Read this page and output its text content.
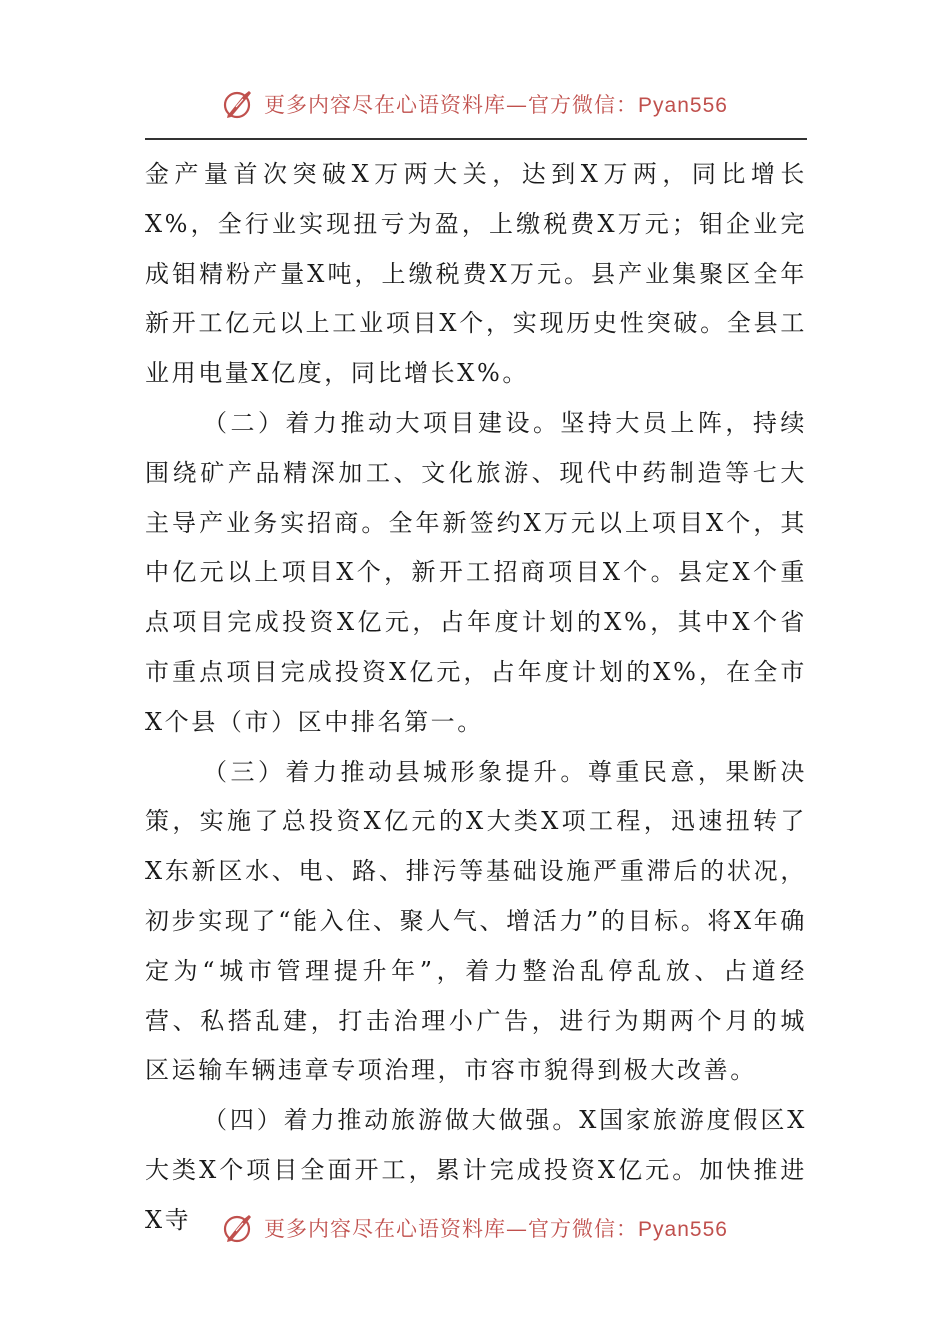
更多内容尽在心语资料库—官方微信：Pyan556

金产量首次突破X万两大关，达到X万两，同比增长X%，全行业实现扭亏为盈，上缴税费X万元；钼企业完成钼精粉产量X吨，上缴税费X万元。县产业集聚区全年新开工亿元以上工业项目X个，实现历史性突破。全县工业用电量X亿度，同比增长X%。

（二）着力推动大项目建设。坚持大员上阵，持续围绕矿产品精深加工、文化旅游、现代中药制造等七大主导产业务实招商。全年新签约X万元以上项目X个，其中亿元以上项目X个，新开工招商项目X个。县定X个重点项目完成投资X亿元，占年度计划的X%，其中X个省市重点项目完成投资X亿元，占年度计划的X%，在全市X个县（市）区中排名第一。

（三）着力推动县城形象提升。尊重民意，果断决策，实施了总投资X亿元的X大类X项工程，迅速扭转了X东新区水、电、路、排污等基础设施严重滞后的状况，初步实现了“能入住、聚人气、增活力”的目标。将X年确定为“城市管理提升年”，着力整治乱停乱放、占道经营、私搭乱建，打击治理小广告，进行为期两个月的城区运输车辆违章专项治理，市容市貌得到极大改善。

（四）着力推动旅游做大做强。X国家旅游度假区X大类X个项目全面开工，累计完成投资X亿元。加快推进X寺	更多内容尽在心语资料库—官方微信：Pyan556
